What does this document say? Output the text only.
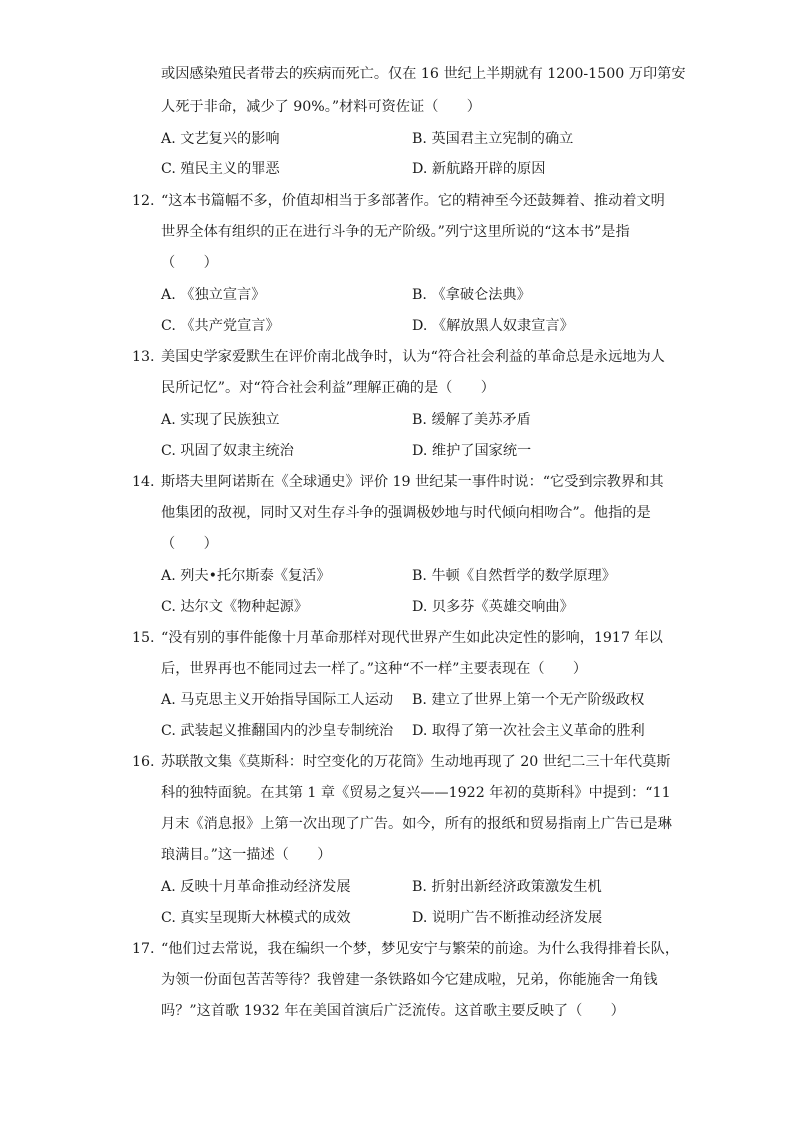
或因感染殖民者带去的疾病而死亡。仅在 16 世纪上半期就有 1200-1500 万印第安
人死于非命，减少了 90%。”材料可资佐证（　　）
A. 文艺复兴的影响	B. 英国君主立宪制的确立
C. 殖民主义的罪恶	D. 新航路开辟的原因
12. “这本书篇幅不多，价值却相当于多部著作。它的精神至今还鼓舞着、推动着文明
世界全体有组织的正在进行斗争的无产阶级。”列宁这里所说的“这本书”是指
（　　）
A. 《独立宣言》	B. 《拿破仑法典》
C. 《共产党宣言》	D. 《解放黑人奴隶宣言》
13. 美国史学家爱默生在评价南北战争时，认为“符合社会利益的革命总是永远地为人
民所记忆”。对“符合社会利益”理解正确的是（　　）
A. 实现了民族独立	B. 缓解了美苏矛盾
C. 巩固了奴隶主统治	D. 维护了国家统一
14. 斯塔夫里阿诺斯在《全球通史》评价 19 世纪某一事件时说：“它受到宗教界和其
他集团的敌视，同时又对生存斗争的强调极妙地与时代倾向相吻合”。他指的是
（　　）
A. 列夫•托尔斯泰《复活》	B. 牛顿《自然哲学的数学原理》
C. 达尔文《物种起源》	D. 贝多芬《英雄交响曲》
15. “没有别的事件能像十月革命那样对现代世界产生如此决定性的影响，1917 年以
后，世界再也不能同过去一样了。”这种“不一样”主要表现在（　　）
A. 马克思主义开始指导国际工人运动 B. 建立了世界上第一个无产阶级政权
C. 武装起义推翻国内的沙皇专制统治 D. 取得了第一次社会主义革命的胜利
16. 苏联散文集《莫斯科：时空变化的万花筒》生动地再现了 20 世纪二三十年代莫斯
科的独特面貌。在其第 1 章《贸易之复兴——1922 年初的莫斯科》中提到：“11
月末《消息报》上第一次出现了广告。如今，所有的报纸和贸易指南上广告已是琳
琅满目。”这一描述（　　）
A. 反映十月革命推动经济发展	B. 折射出新经济政策激发生机
C. 真实呈现斯大林模式的成效	D. 说明广告不断推动经济发展
17. “他们过去常说，我在编织一个梦，梦见安宁与繁荣的前途。为什么我得排着长队，
为领一份面包苦苦等待？我曾建一条铁路如今它建成啦，兄弟，你能施舍一角钱
吗？”这首歌 1932 年在美国首演后广泛流传。这首歌主要反映了（　　）
